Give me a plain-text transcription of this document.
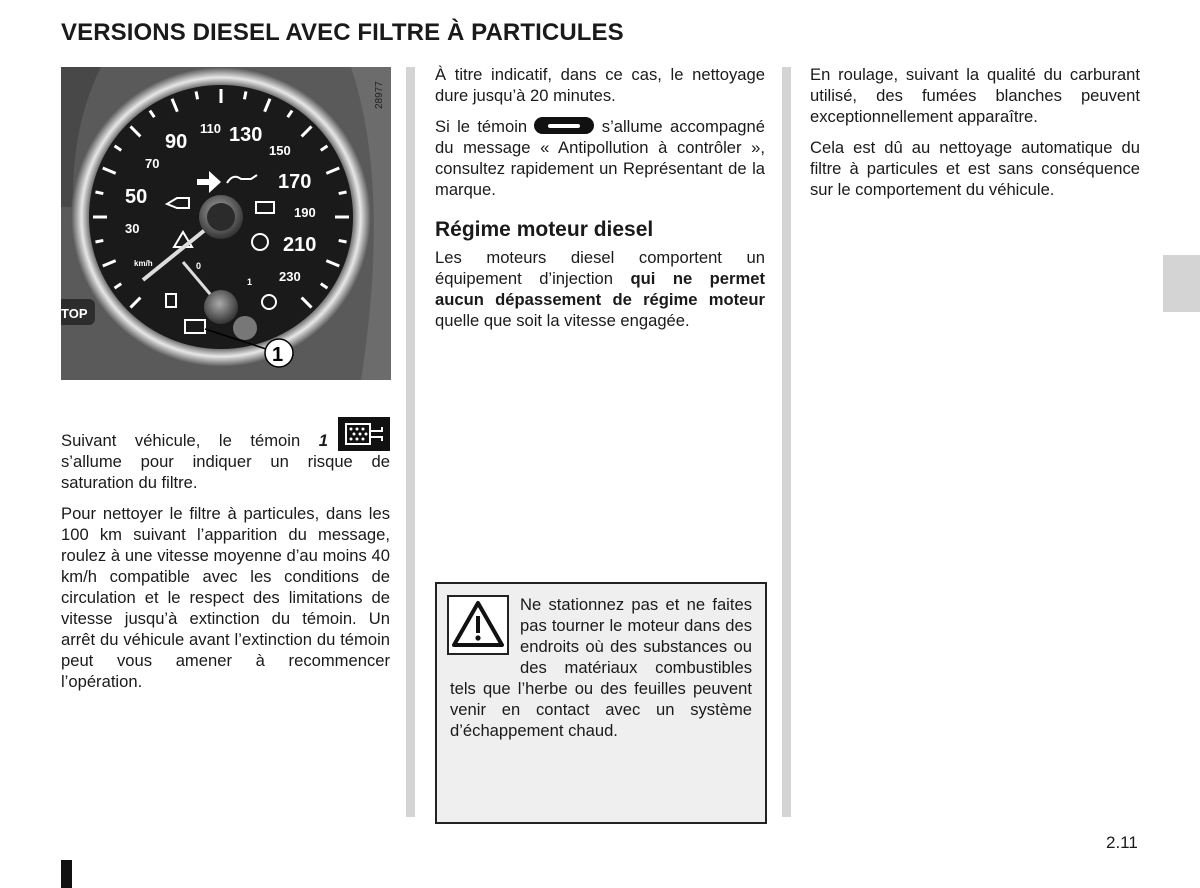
VERSIONS DIESEL AVEC FILTRE À PARTICULES
90
110 130
150
170
190
210
230
70
50
30
km/h	0
1
1
TOP
28977

Suivant véhicule, le témoin 1 s’allume pour indiquer un risque de saturation du filtre.

Pour nettoyer le filtre à particules, dans les 100 km suivant l’apparition du message, roulez à une vitesse moyenne d’au moins 40 km/h compatible avec les conditions de circulation et le respect des limitations de vitesse jusqu’à extinction du témoin. Un arrêt du véhicule avant l’extinction du témoin peut vous amener à recommencer l’opération.

À titre indicatif, dans ce cas, le nettoyage dure jusqu’à 20 minutes.

Si le témoin	s’allume accompagné du message « Antipollution à contrôler », consultez rapidement un Représentant de la marque.

Régime moteur diesel

Les moteurs diesel comportent un équipement d’injection qui ne permet aucun dépassement de régime moteur quelle que soit la vitesse engagée.

Ne stationnez pas et ne faites pas tourner le moteur dans des endroits où des substances ou des matériaux combustibles tels que l’herbe ou des feuilles peuvent venir en contact avec un système d’échappement chaud.

En roulage, suivant la qualité du carburant utilisé, des fumées blanches peuvent exceptionnellement apparaître.

Cela est dû au nettoyage automatique du filtre à particules et est sans conséquence sur le comportement du véhicule.

2.11
